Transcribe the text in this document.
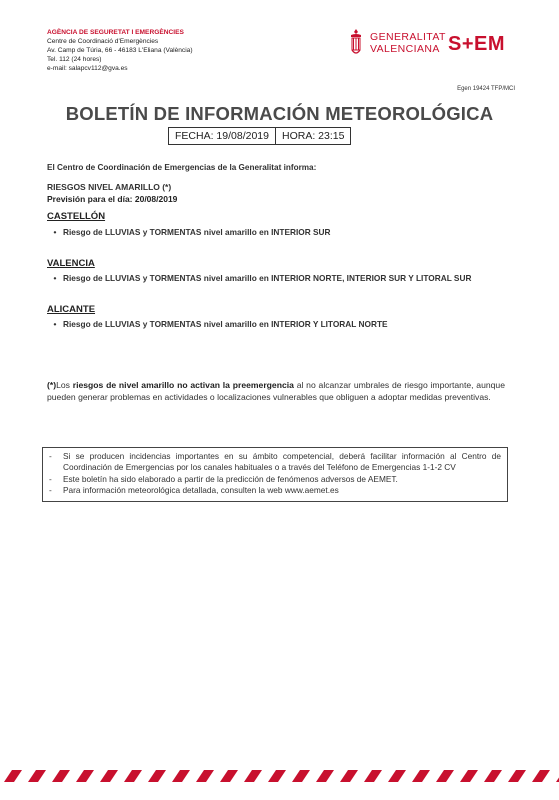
AGÈNCIA DE SEGURETAT I EMERGÈNCIES
Centre de Coordinació d'Emergències
Av. Camp de Túria, 66 - 46183 L'Eliana (València)
Tel. 112 (24 hores)
e-mail: salapcv112@gva.es
GENERALITAT
VALENCIANA S+EM
Egen 19424 TFP/MCI
BOLETÍN DE INFORMACIÓN METEOROLÓGICA
FECHA: 19/08/2019	HORA: 23:15
El Centro de Coordinación de Emergencias de la Generalitat informa:
RIESGOS NIVEL AMARILLO (*)
Previsión para el día: 20/08/2019
CASTELLÓN
• Riesgo de LLUVIAS y TORMENTAS nivel amarillo en INTERIOR SUR
VALENCIA
• Riesgo de LLUVIAS y TORMENTAS nivel amarillo en INTERIOR NORTE, INTERIOR SUR Y LITORAL SUR
ALICANTE
• Riesgo de LLUVIAS y TORMENTAS nivel amarillo en INTERIOR Y LITORAL NORTE
(*)Los riesgos de nivel amarillo no activan la preemergencia al no alcanzar umbrales de riesgo importante, aunque pueden generar problemas en actividades o localizaciones vulnerables que obliguen a adoptar medidas preventivas.
-	Si se producen incidencias importantes en su ámbito competencial, deberá facilitar información al Centro de Coordinación de Emergencias por los canales habituales o a través del Teléfono de Emergencias 1-1-2 CV
-	Este boletín ha sido elaborado a partir de la predicción de fenómenos adversos de AEMET.
-	Para información meteorológica detallada, consulten la web www.aemet.es
